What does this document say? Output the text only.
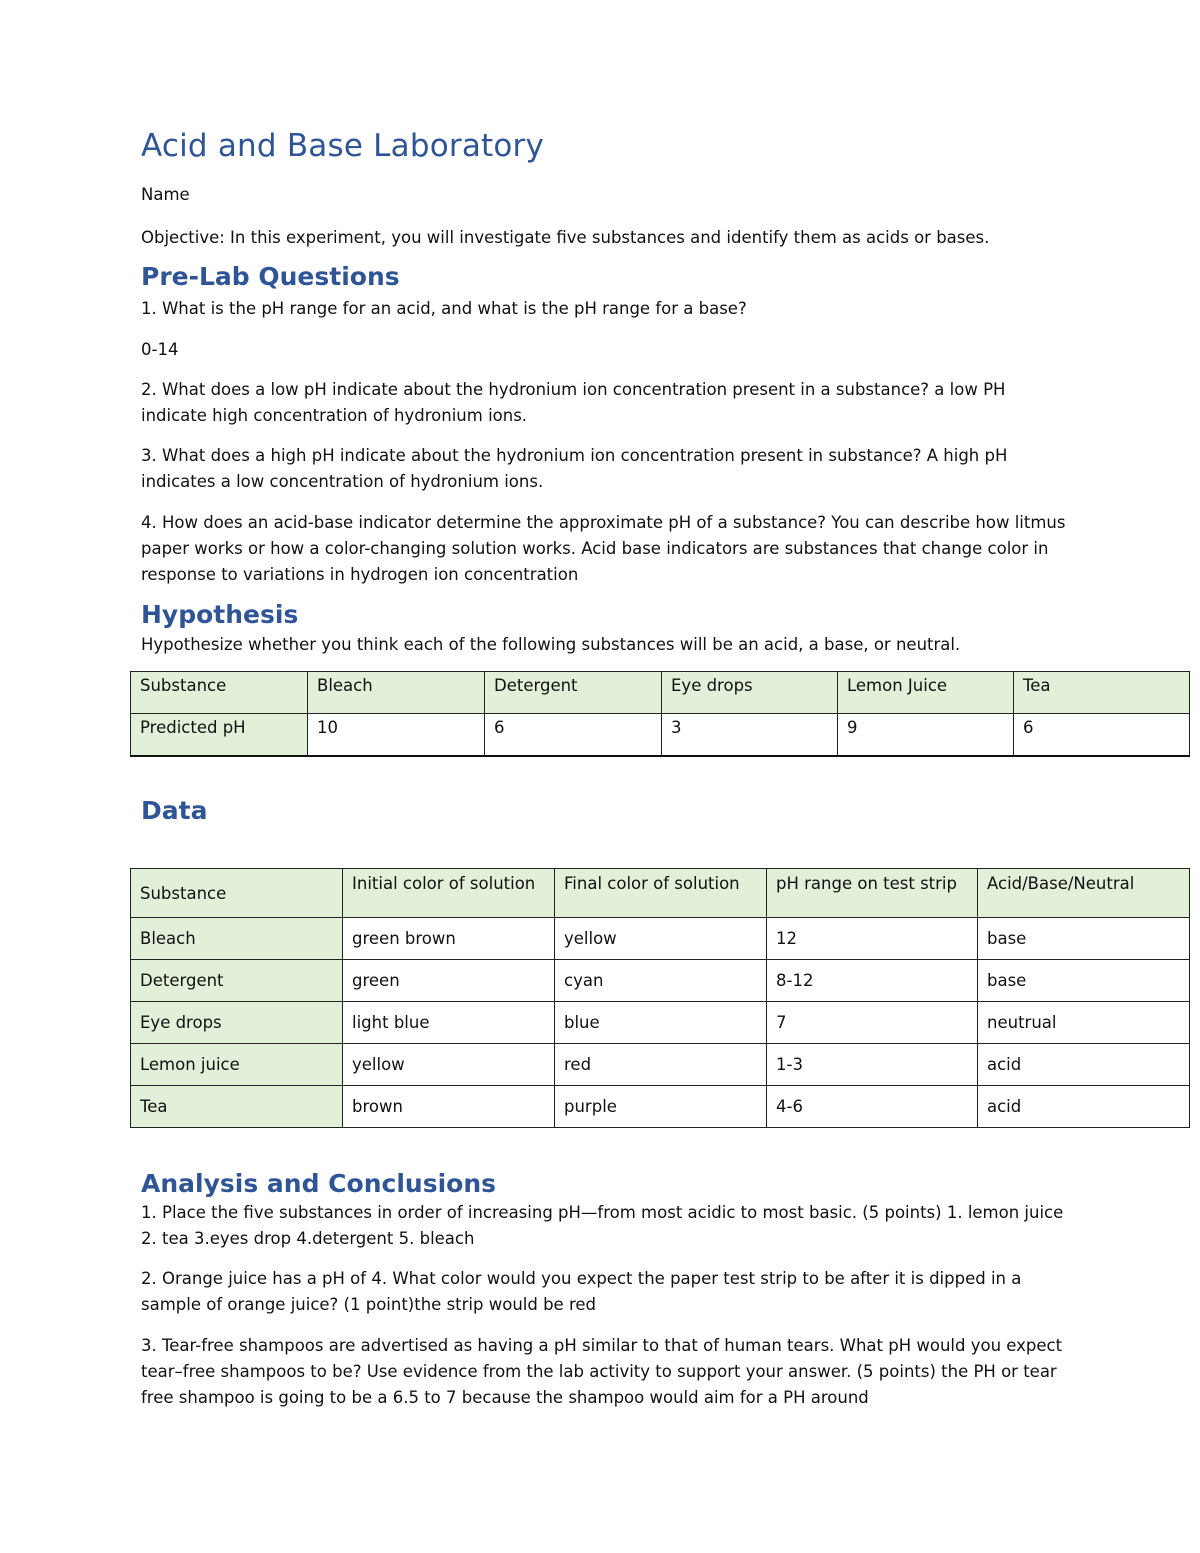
Acid and Base Laboratory
Name
Objective: In this experiment, you will investigate five substances and identify them as acids or bases.
Pre-Lab Questions
1. What is the pH range for an acid, and what is the pH range for a base?
0-14
2. What does a low pH indicate about the hydronium ion concentration present in a substance? a low PH indicate high concentration of hydronium ions.
3. What does a high pH indicate about the hydronium ion concentration present in substance? A high pH indicates a low concentration of hydronium ions.
4. How does an acid-base indicator determine the approximate pH of a substance? You can describe how litmus paper works or how a color-changing solution works. Acid base indicators are substances that change color in response to variations in hydrogen ion concentration
Hypothesis
Hypothesize whether you think each of the following substances will be an acid, a base, or neutral.
Substance	Bleach	Detergent	Eye drops	Lemon Juice	Tea
Predicted pH	10	6	3	9	6
Data
Substance	Initial color of solution	Final color of solution	pH range on test strip	Acid/Base/Neutral
Bleach	green brown	yellow	12	base
Detergent	green	cyan	8-12	base
Eye drops	light blue	blue	7	neutrual
Lemon juice	yellow	red	1-3	acid
Tea	brown	purple	4-6	acid
Analysis and Conclusions
1. Place the five substances in order of increasing pH—from most acidic to most basic. (5 points) 1. lemon juice 2. tea 3.eyes drop 4.detergent 5. bleach
2. Orange juice has a pH of 4. What color would you expect the paper test strip to be after it is dipped in a sample of orange juice? (1 point)the strip would be red
3. Tear-free shampoos are advertised as having a pH similar to that of human tears. What pH would you expect tear–free shampoos to be? Use evidence from the lab activity to support your answer. (5 points) the PH or tear free shampoo is going to be a 6.5 to 7 because the shampoo would aim for a PH around
